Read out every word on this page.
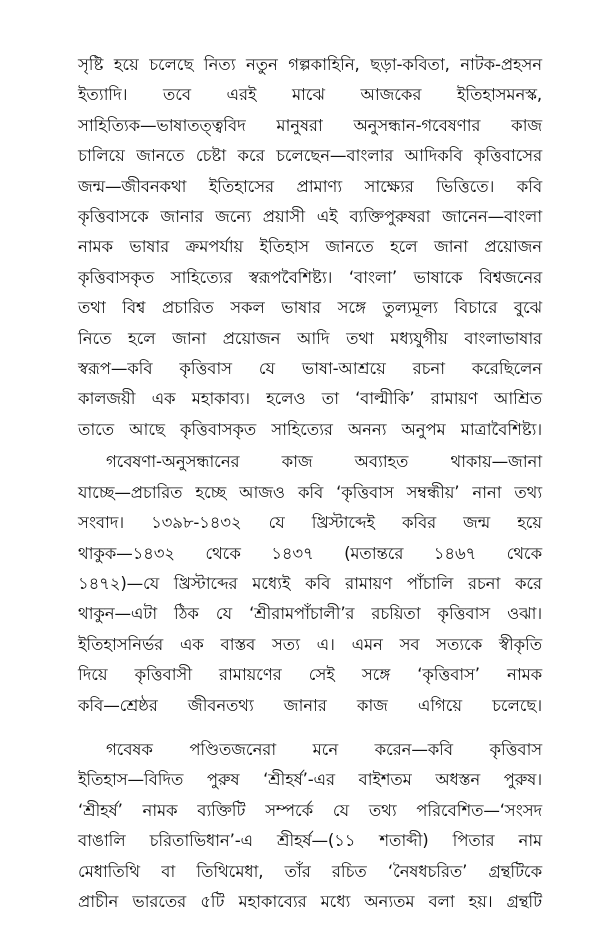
সৃষ্টি হয়ে চলেছে নিত্য নতুন গল্পকাহিনি, ছড়া-কবিতা, নাটক-প্রহসন
ইত্যাদি। তবে এরই মাঝে আজকের ইতিহাসমনস্ক,
সাহিত্যিক—ভাষাতত্ত্ববিদ মানুষরা অনুসন্ধান-গবেষণার কাজ
চালিয়ে জানতে চেষ্টা করে চলেছেন—বাংলার আদিকবি কৃত্তিবাসের
জন্ম—জীবনকথা ইতিহাসের প্রামাণ্য সাক্ষ্যের ভিত্তিতে। কবি
কৃত্তিবাসকে জানার জন্যে প্রয়াসী এই ব্যক্তিপুরুষরা জানেন—বাংলা
নামক ভাষার ক্রমপর্যায় ইতিহাস জানতে হলে জানা প্রয়োজন
কৃত্তিবাসকৃত সাহিত্যের স্বরূপবৈশিষ্ট্য। ‘বাংলা’ ভাষাকে বিশ্বজনের
তথা বিশ্ব প্রচারিত সকল ভাষার সঙ্গে তুল্যমূল্য বিচারে বুঝে
নিতে হলে জানা প্রয়োজন আদি তথা মধ্যযুগীয় বাংলাভাষার
স্বরূপ—কবি কৃত্তিবাস যে ভাষা-আশ্রয়ে রচনা করেছিলেন
কালজয়ী এক মহাকাব্য। হলেও তা ‘বাল্মীকি’ রামায়ণ আশ্রিত
তাতে আছে কৃত্তিবাসকৃত সাহিত্যের অনন্য অনুপম মাত্রাবৈশিষ্ট্য।
গবেষণা-অনুসন্ধানের কাজ অব্যাহত থাকায়—জানা
যাচ্ছে—প্রচারিত হচ্ছে আজও কবি ‘কৃত্তিবাস সম্বন্ধীয়’ নানা তথ্য
সংবাদ। ১৩৯৮-১৪৩২ যে খ্রিস্টাব্দেই কবির জন্ম হয়ে
থাকুক—১৪৩২ থেকে ১৪৩৭ (মতান্তরে ১৪৬৭ থেকে
১৪৭২)—যে খ্রিস্টাব্দের মধ্যেই কবি রামায়ণ পাঁচালি রচনা করে
থাকুন—এটা ঠিক যে ‘শ্রীরামপাঁচালী’র রচয়িতা কৃত্তিবাস ওঝা।
ইতিহাসনির্ভর এক বাস্তব সত্য এ। এমন সব সত্যকে স্বীকৃতি
দিয়ে কৃত্তিবাসী রামায়ণের সেই সঙ্গে ‘কৃত্তিবাস’ নামক
কবি—শ্রেষ্ঠর জীবনতথ্য জানার কাজ এগিয়ে চলেছে।
গবেষক পণ্ডিতজনেরা মনে করেন—কবি কৃত্তিবাস
ইতিহাস—বিদিত পুরুষ ‘শ্রীহর্ষ’-এর বাইশতম অধস্তন পুরুষ।
‘শ্রীহর্ষ’ নামক ব্যক্তিটি সম্পর্কে যে তথ্য পরিবেশিত—‘সংসদ
বাঙালি চরিতাভিধান’-এ শ্রীহর্ষ—(১১ শতাব্দী) পিতার নাম
মেধাতিথি বা তিথিমেধা, তাঁর রচিত ‘নৈষধচরিত’ গ্রন্থটিকে
প্রাচীন ভারতের ৫টি মহাকাব্যের মধ্যে অন্যতম বলা হয়। গ্রন্থটি
